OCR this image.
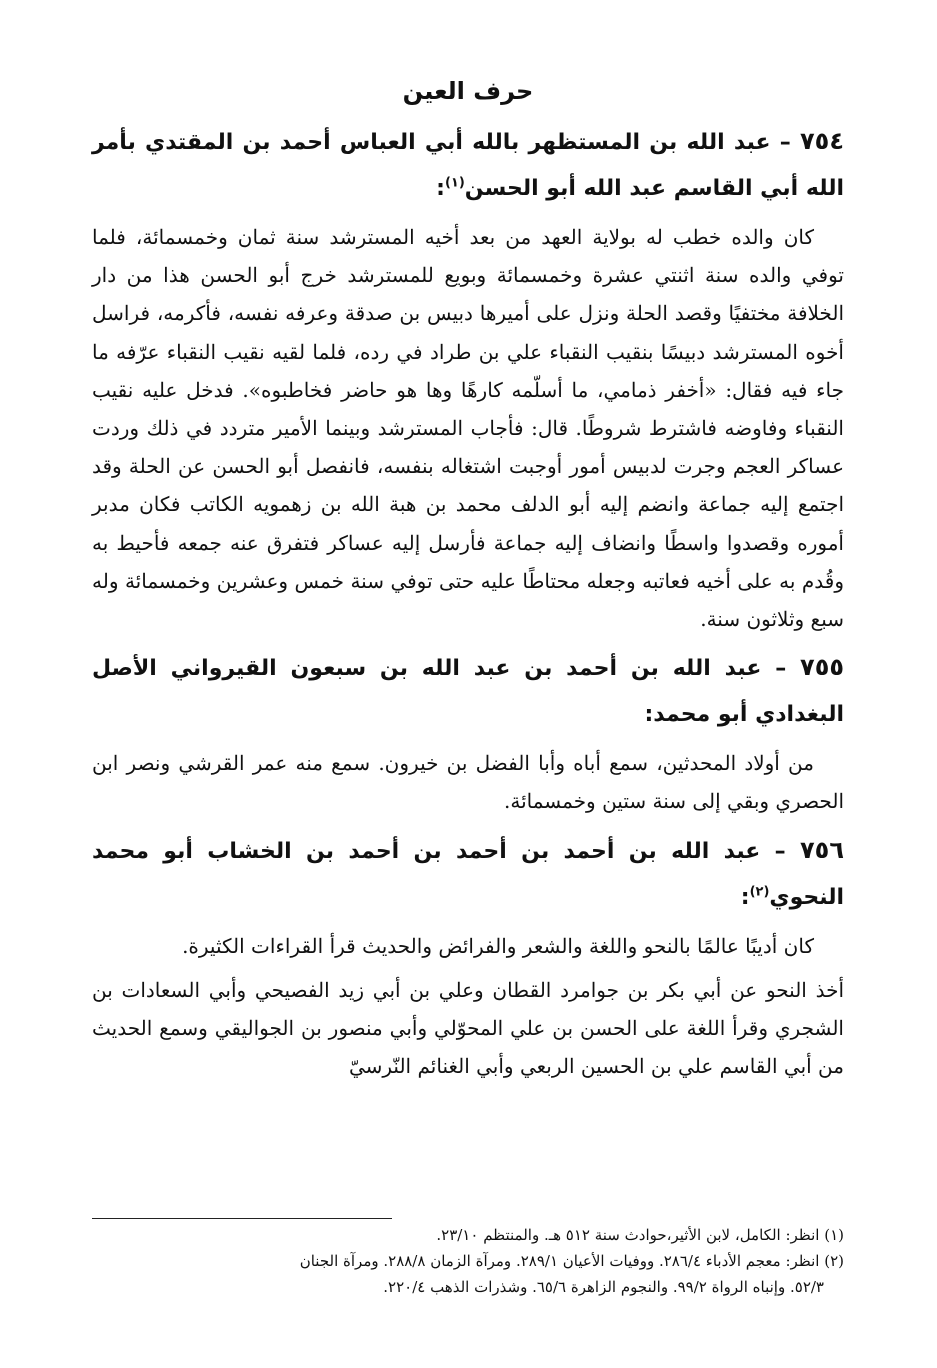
حرف العين
٧٥٤ – عبد الله بن المستظهر بالله أبي العباس أحمد بن المقتدي بأمر الله أبي القاسم عبد الله أبو الحسن$^{(١)}$:

كان والده خطب له بولاية العهد من بعد أخيه المسترشد سنة ثمان وخمسمائة، فلما توفي والده سنة اثنتي عشرة وخمسمائة وبويع للمسترشد خرج أبو الحسن هذا من دار الخلافة مختفيًا وقصد الحلة ونزل على أميرها دبيس بن صدقة وعرفه نفسه، فأكرمه، فراسل أخوه المسترشد دبيسًا بنقيب النقباء علي بن طراد في رده، فلما لقيه نقيب النقباء عرّفه ما جاء فيه فقال: «أخفر ذمامي، ما أسلّمه كارهًا وها هو حاضر فخاطبوه». فدخل عليه نقيب النقباء وفاوضه فاشترط شروطًا. قال: فأجاب المسترشد وبينما الأمير متردد في ذلك وردت عساكر العجم وجرت لدبيس أمور أوجبت اشتغاله بنفسه، فانفصل أبو الحسن عن الحلة وقد اجتمع إليه جماعة وانضم إليه أبو الدلف محمد بن هبة الله بن زهمويه الكاتب فكان مدبر أموره وقصدوا واسطًا وانضاف إليه جماعة فأرسل إليه عساكر فتفرق عنه جمعه فأحيط به وقُدم به على أخيه فعاتبه وجعله محتاطًا عليه حتى توفي سنة خمس وعشرين وخمسمائة وله سبع وثلاثون سنة.

٧٥٥ – عبد الله بن أحمد بن عبد الله بن سبعون القيرواني الأصل البغدادي أبو محمد:

من أولاد المحدثين، سمع أباه وأبا الفضل بن خيرون. سمع منه عمر القرشي ونصر ابن الحصري وبقي إلى سنة ستين وخمسمائة.

٧٥٦ – عبد الله بن أحمد بن أحمد بن أحمد بن الخشاب أبو محمد النحوي$^{(٢)}$:

كان أديبًا عالمًا بالنحو واللغة والشعر والفرائض والحديث قرأ القراءات الكثيرة.

أخذ النحو عن أبي بكر بن جوامرد القطان وعلي بن أبي زيد الفصيحي وأبي السعادات بن الشجري وقرأ اللغة على الحسن بن علي المحوّلي وأبي منصور بن الجواليقي وسمع الحديث من أبي القاسم علي بن الحسين الربعي وأبي الغنائم النّرسيّ

(١) انظر: الكامل، لابن الأثير،حوادث سنة ٥١٢ هـ. والمنتظم ٢٣/١٠.

(٢) انظر: معجم الأدباء ٢٨٦/٤. ووفيات الأعيان ٢٨٩/١. ومرآة الزمان ٢٨٨/٨. ومرآة الجنان

٥٢/٣. وإنباه الرواة ٩٩/٢. والنجوم الزاهرة ٦٥/٦. وشذرات الذهب ٢٢٠/٤.
